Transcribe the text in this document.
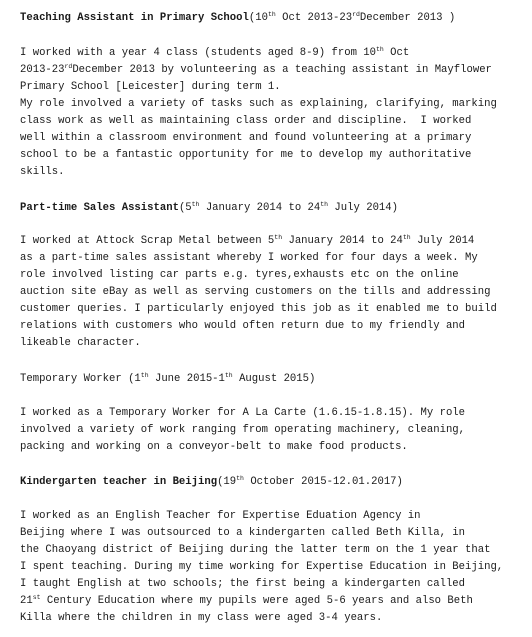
Teaching Assistant in Primary School(10th Oct 2013-23rdDecember 2013 )
I worked with a year 4 class (students aged 8-9) from 10th Oct
2013-23rdDecember 2013 by volunteering as a teaching assistant in Mayflower
Primary School [Leicester] during term 1.
My role involved a variety of tasks such as explaining, clarifying, marking
class work as well as maintaining class order and discipline.  I worked
well within a classroom environment and found volunteering at a primary
school to be a fantastic opportunity for me to develop my authoritative
skills.
Part-time Sales Assistant(5th January 2014 to 24th July 2014)
I worked at Attock Scrap Metal between 5th January 2014 to 24th July 2014
as a part-time sales assistant whereby I worked for four days a week. My
role involved listing car parts e.g. tyres,exhausts etc on the online
auction site eBay as well as serving customers on the tills and addressing
customer queries. I particularly enjoyed this job as it enabled me to build
relations with customers who would often return due to my friendly and
likeable character.
Temporary Worker (1th June 2015-1th August 2015)
I worked as a Temporary Worker for A La Carte (1.6.15-1.8.15). My role
involved a variety of work ranging from operating machinery, cleaning,
packing and working on a conveyor-belt to make food products.
Kindergarten teacher in Beijing(19th October 2015-12.01.2017)
I worked as an English Teacher for Expertise Eduation Agency in
Beijing where I was outsourced to a kindergarten called Beth Killa, in
the Chaoyang district of Beijing during the latter term on the 1 year that
I spent teaching. During my time working for Expertise Education in Beijing,
I taught English at two schools; the first being a kindergarten called
21st Century Education where my pupils were aged 5-6 years and also Beth
Killa where the children in my class were aged 3-4 years.
